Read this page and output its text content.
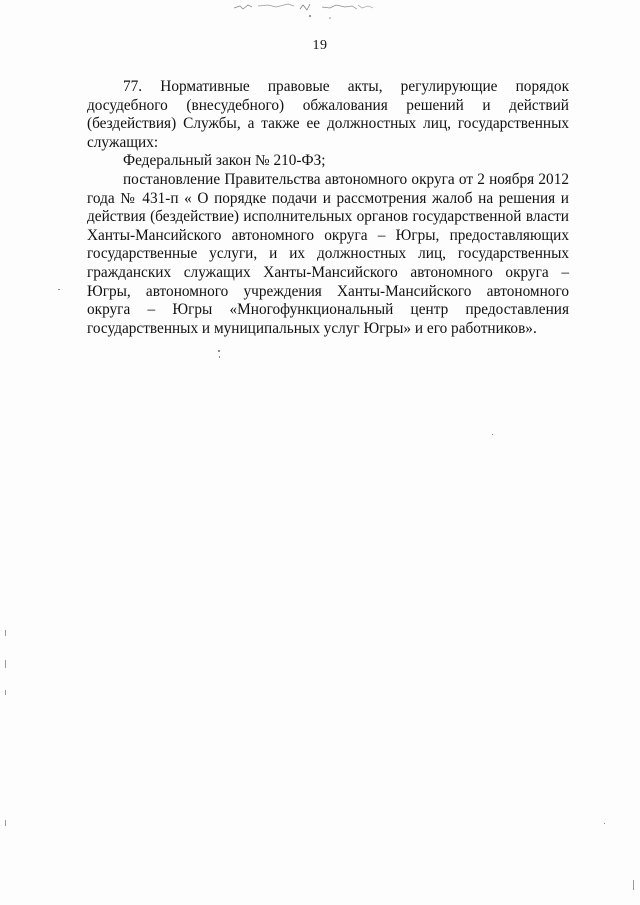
19

77. Нормативные правовые акты, регулирующие порядок досудебного (внесудебного) обжалования решений и действий (бездействия) Службы, а также ее должностных лиц, государственных служащих:

Федеральный закон № 210-ФЗ;

постановление Правительства автономного округа от 2 ноября 2012 года № 431-п « О порядке подачи и рассмотрения жалоб на решения и действия (бездействие) исполнительных органов государственной власти Ханты-Мансийского автономного округа – Югры, предоставляющих государственные услуги, и их должностных лиц, государственных гражданских служащих Ханты-Мансийского автономного округа – Югры, автономного учреждения Ханты-Мансийского автономного округа – Югры «Многофункциональный центр предоставления государственных и муниципальных услуг Югры» и его работников».
